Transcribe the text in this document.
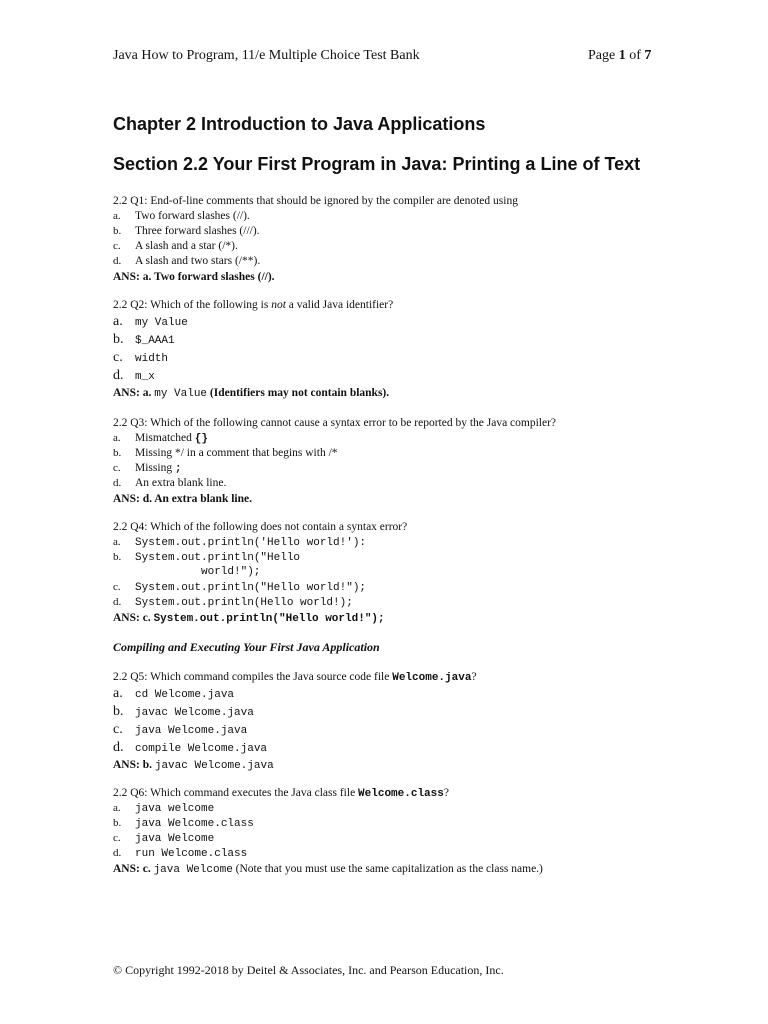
Java How to Program, 11/e Multiple Choice Test Bank	Page 1 of 7
Chapter 2 Introduction to Java Applications
Section 2.2 Your First Program in Java: Printing a Line of Text
2.2 Q1: End-of-line comments that should be ignored by the compiler are denoted using
a. Two forward slashes (//).
b. Three forward slashes (///).
c. A slash and a star (/*).
d. A slash and two stars (/**).
ANS: a. Two forward slashes (//).
2.2 Q2: Which of the following is not a valid Java identifier?
a. my Value
b. $_AAA1
c. width
d. m_x
ANS: a. my Value (Identifiers may not contain blanks).
2.2 Q3: Which of the following cannot cause a syntax error to be reported by the Java compiler?
a. Mismatched {}
b. Missing */ in a comment that begins with /*
c. Missing ;
d. An extra blank line.
ANS: d. An extra blank line.
2.2 Q4: Which of the following does not contain a syntax error?
a. System.out.println('Hello world!'):
b. System.out.println("Hello
world!");
c. System.out.println("Hello world!");
d. System.out.println(Hello world!);
ANS: c. System.out.println("Hello world!");
Compiling and Executing Your First Java Application
2.2 Q5: Which command compiles the Java source code file Welcome.java?
a. cd Welcome.java
b. javac Welcome.java
c. java Welcome.java
d. compile Welcome.java
ANS: b. javac Welcome.java
2.2 Q6: Which command executes the Java class file Welcome.class?
a. java welcome
b. java Welcome.class
c. java Welcome
d. run Welcome.class
ANS: c. java Welcome (Note that you must use the same capitalization as the class name.)
© Copyright 1992-2018 by Deitel & Associates, Inc. and Pearson Education, Inc.
